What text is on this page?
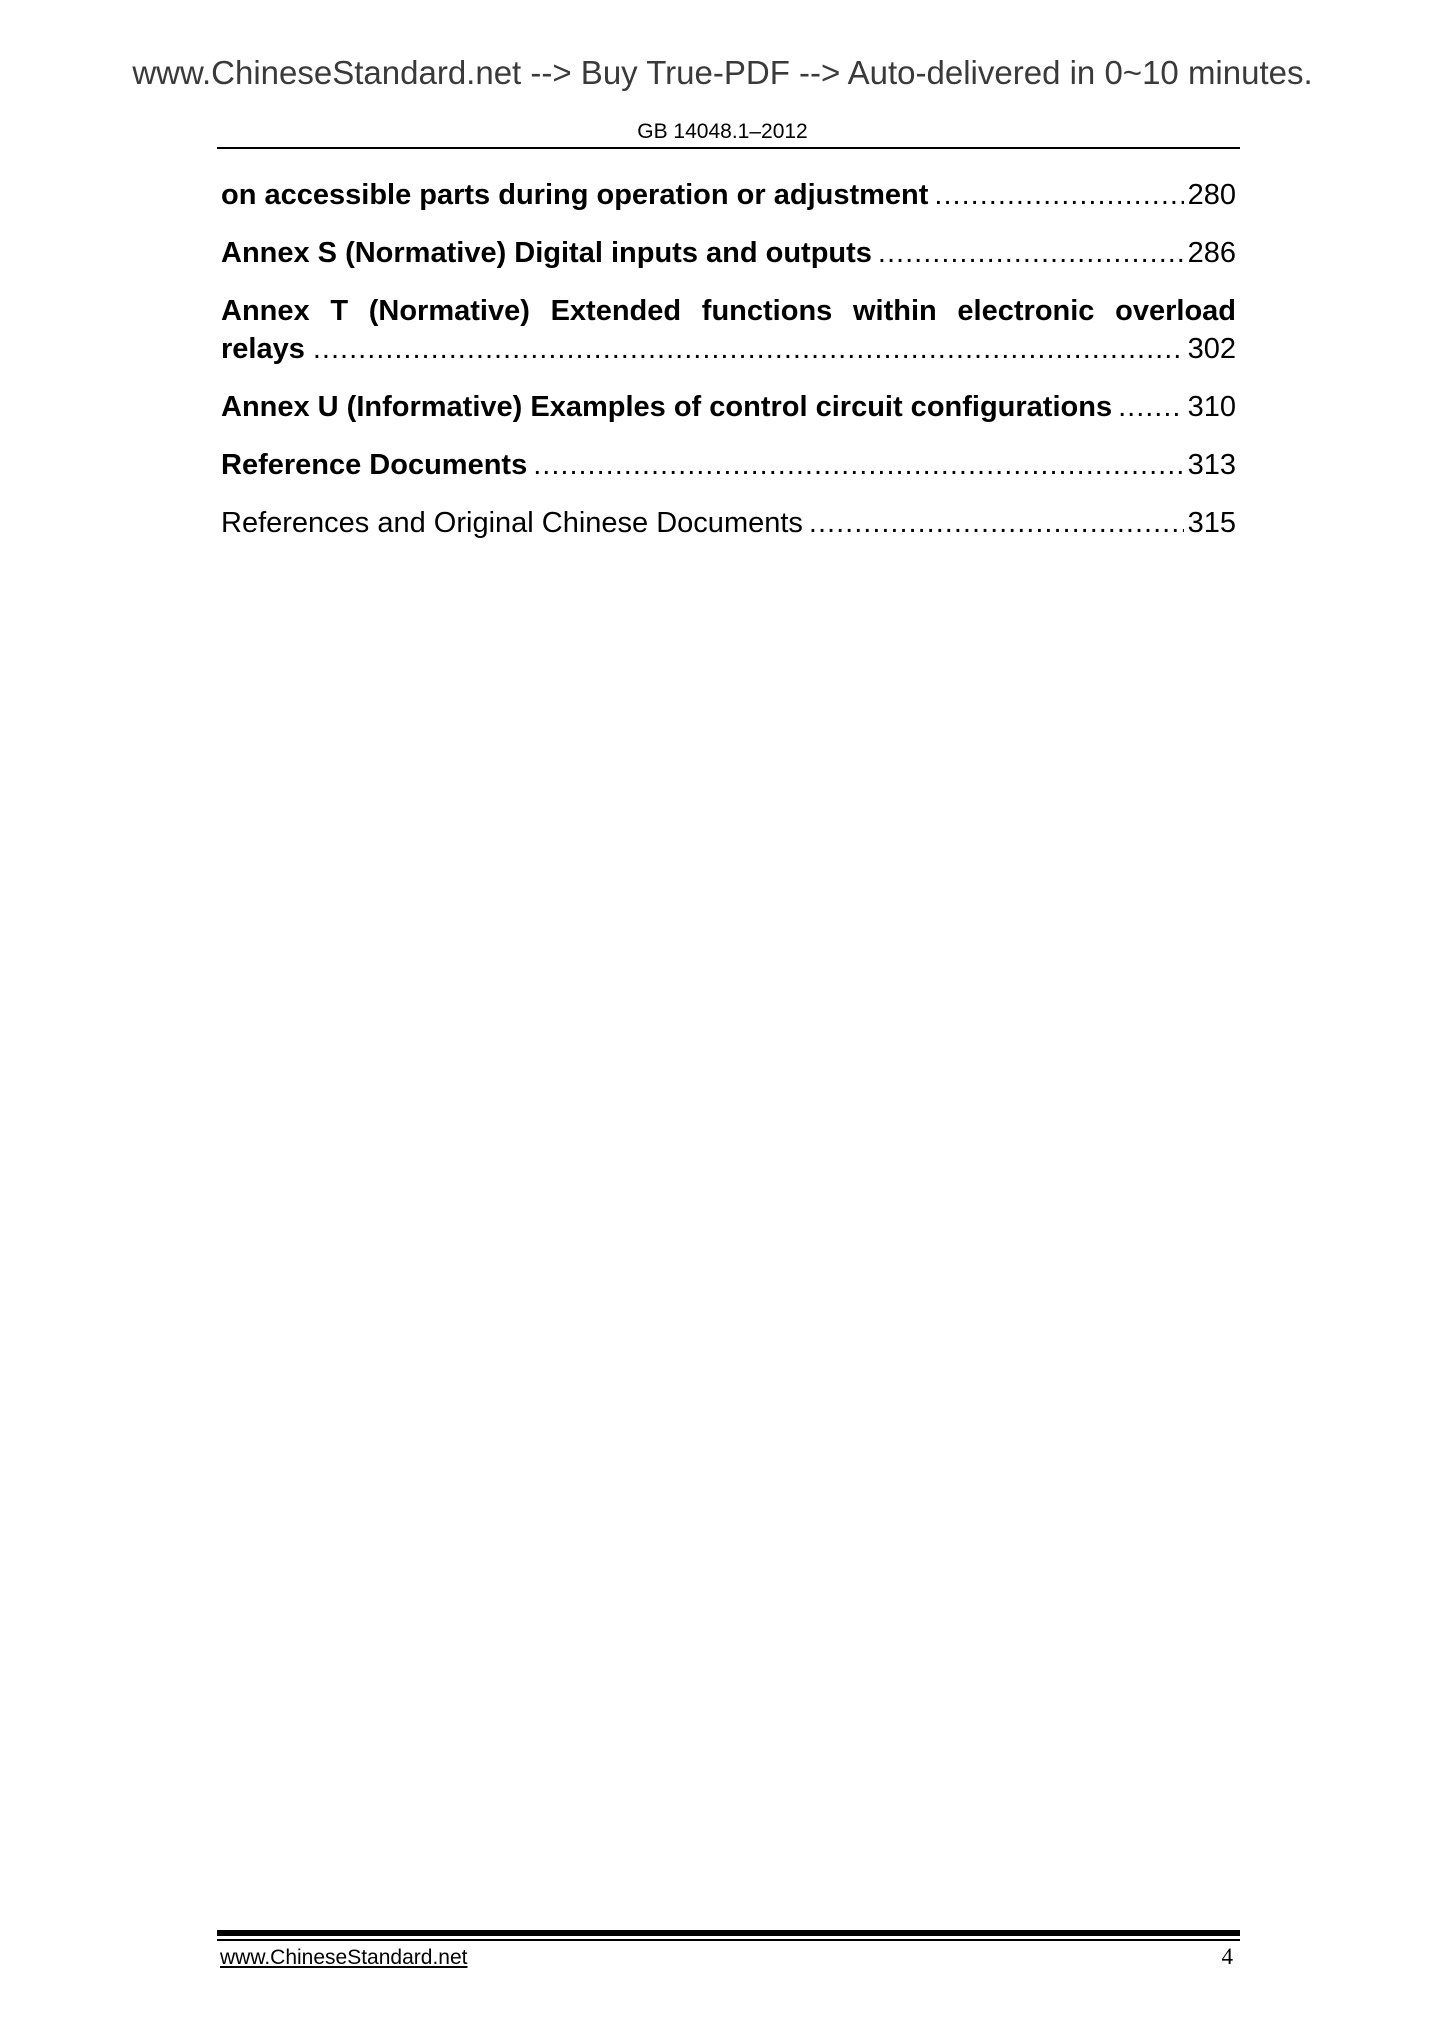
www.ChineseStandard.net --> Buy True-PDF --> Auto-delivered in 0~10 minutes.
GB 14048.1–2012
on accessible parts during operation or adjustment .....	280
Annex S (Normative) Digital inputs and outputs .....	286
Annex T (Normative) Extended functions within electronic overload
relays .....	302
Annex U (Informative) Examples of control circuit configurations .....	310
Reference Documents .....	313
References and Original Chinese Documents .....	315
www.ChineseStandard.net	4
